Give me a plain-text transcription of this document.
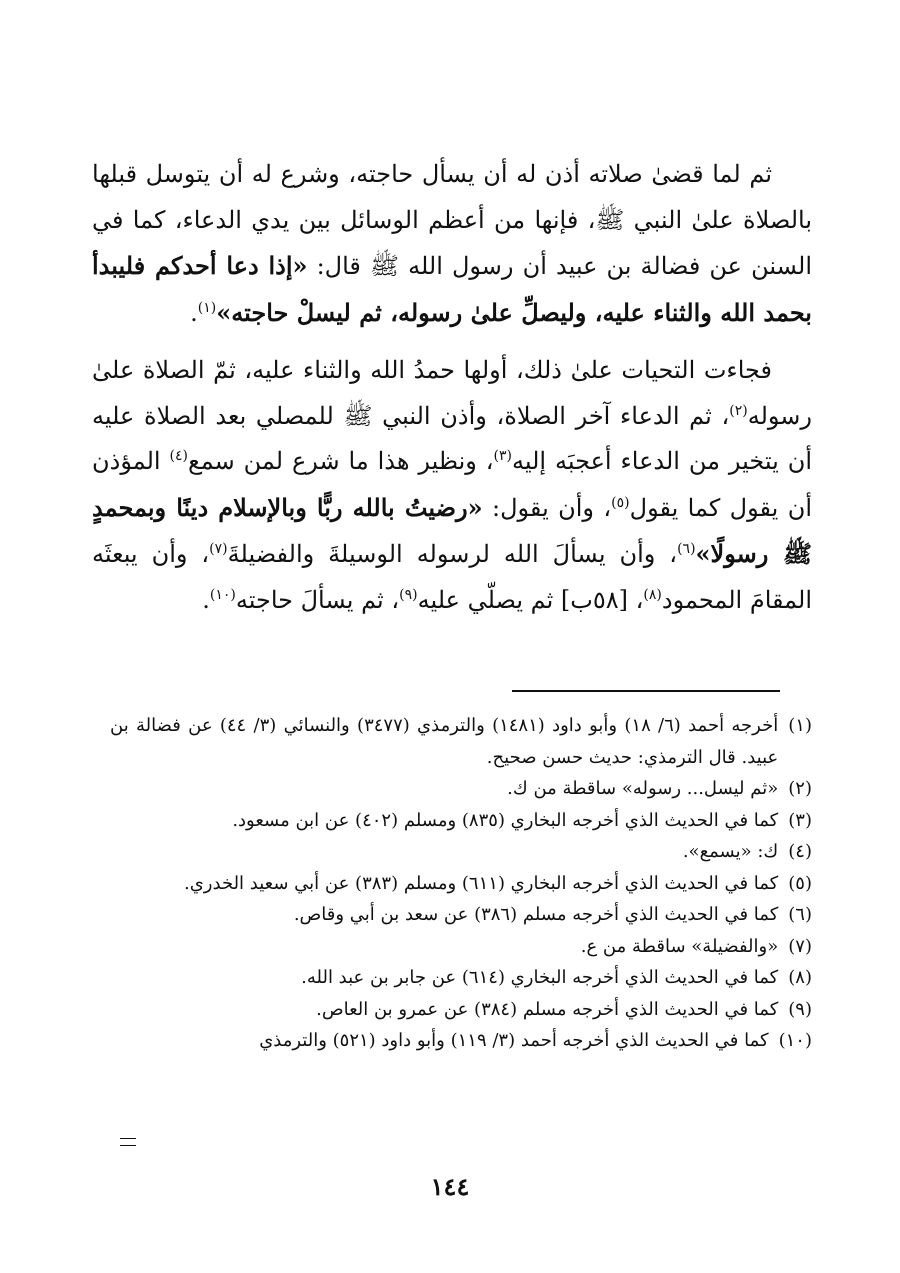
ثم لما قضىٰ صلاته أذن له أن يسأل حاجته، وشرع له أن يتوسل قبلها بالصلاة علىٰ النبي ﷺ، فإنها من أعظم الوسائل بين يدي الدعاء، كما في السنن عن فضالة بن عبيد أن رسول الله ﷺ قال: «إذا دعا أحدكم فليبدأ بحمد الله والثناء عليه، وليصلِّ علىٰ رسوله، ثم ليسلْ حاجته»$^{(١)}$.

فجاءت التحيات علىٰ ذلك، أولها حمدُ الله والثناء عليه، ثمّ الصلاة علىٰ رسوله$^{(٢)}$، ثم الدعاء آخر الصلاة، وأذن النبي ﷺ للمصلي بعد الصلاة عليه أن يتخير من الدعاء أعجبَه إليه$^{(٣)}$، ونظير هذا ما شرع لمن سمع$^{(٤)}$ المؤذن أن يقول كما يقول$^{(٥)}$، وأن يقول: «رضيتُ بالله ربًّا وبالإسلام دينًا وبمحمدٍ ﷺ رسولًا»$^{(٦)}$، وأن يسألَ الله لرسوله الوسيلةَ والفضيلةَ$^{(٧)}$، وأن يبعثَه المقامَ المحمود$^{(٨)}$، [٥٨ب] ثم يصلّي عليه$^{(٩)}$، ثم يسألَ حاجته$^{(١٠)}$.

(١)
أخرجه أحمد (٦/ ١٨) وأبو داود (١٤٨١) والترمذي (٣٤٧٧) والنسائي (٣/ ٤٤) عن فضالة بن عبيد. قال الترمذي: حديث حسن صحيح.
(٢)
«ثم ليسل... رسوله» ساقطة من ك.
(٣)
كما في الحديث الذي أخرجه البخاري (٨٣٥) ومسلم (٤٠٢) عن ابن مسعود.
(٤)
ك: «يسمع».
(٥)
كما في الحديث الذي أخرجه البخاري (٦١١) ومسلم (٣٨٣) عن أبي سعيد الخدري.
(٦)
كما في الحديث الذي أخرجه مسلم (٣٨٦) عن سعد بن أبي وقاص.
(٧)
«والفضيلة» ساقطة من ع.
(٨)
كما في الحديث الذي أخرجه البخاري (٦١٤) عن جابر بن عبد الله.
(٩)
كما في الحديث الذي أخرجه مسلم (٣٨٤) عن عمرو بن العاص.
(١٠)
كما في الحديث الذي أخرجه أحمد (٣/ ١١٩) وأبو داود (٥٢١) والترمذي
١٤٤
